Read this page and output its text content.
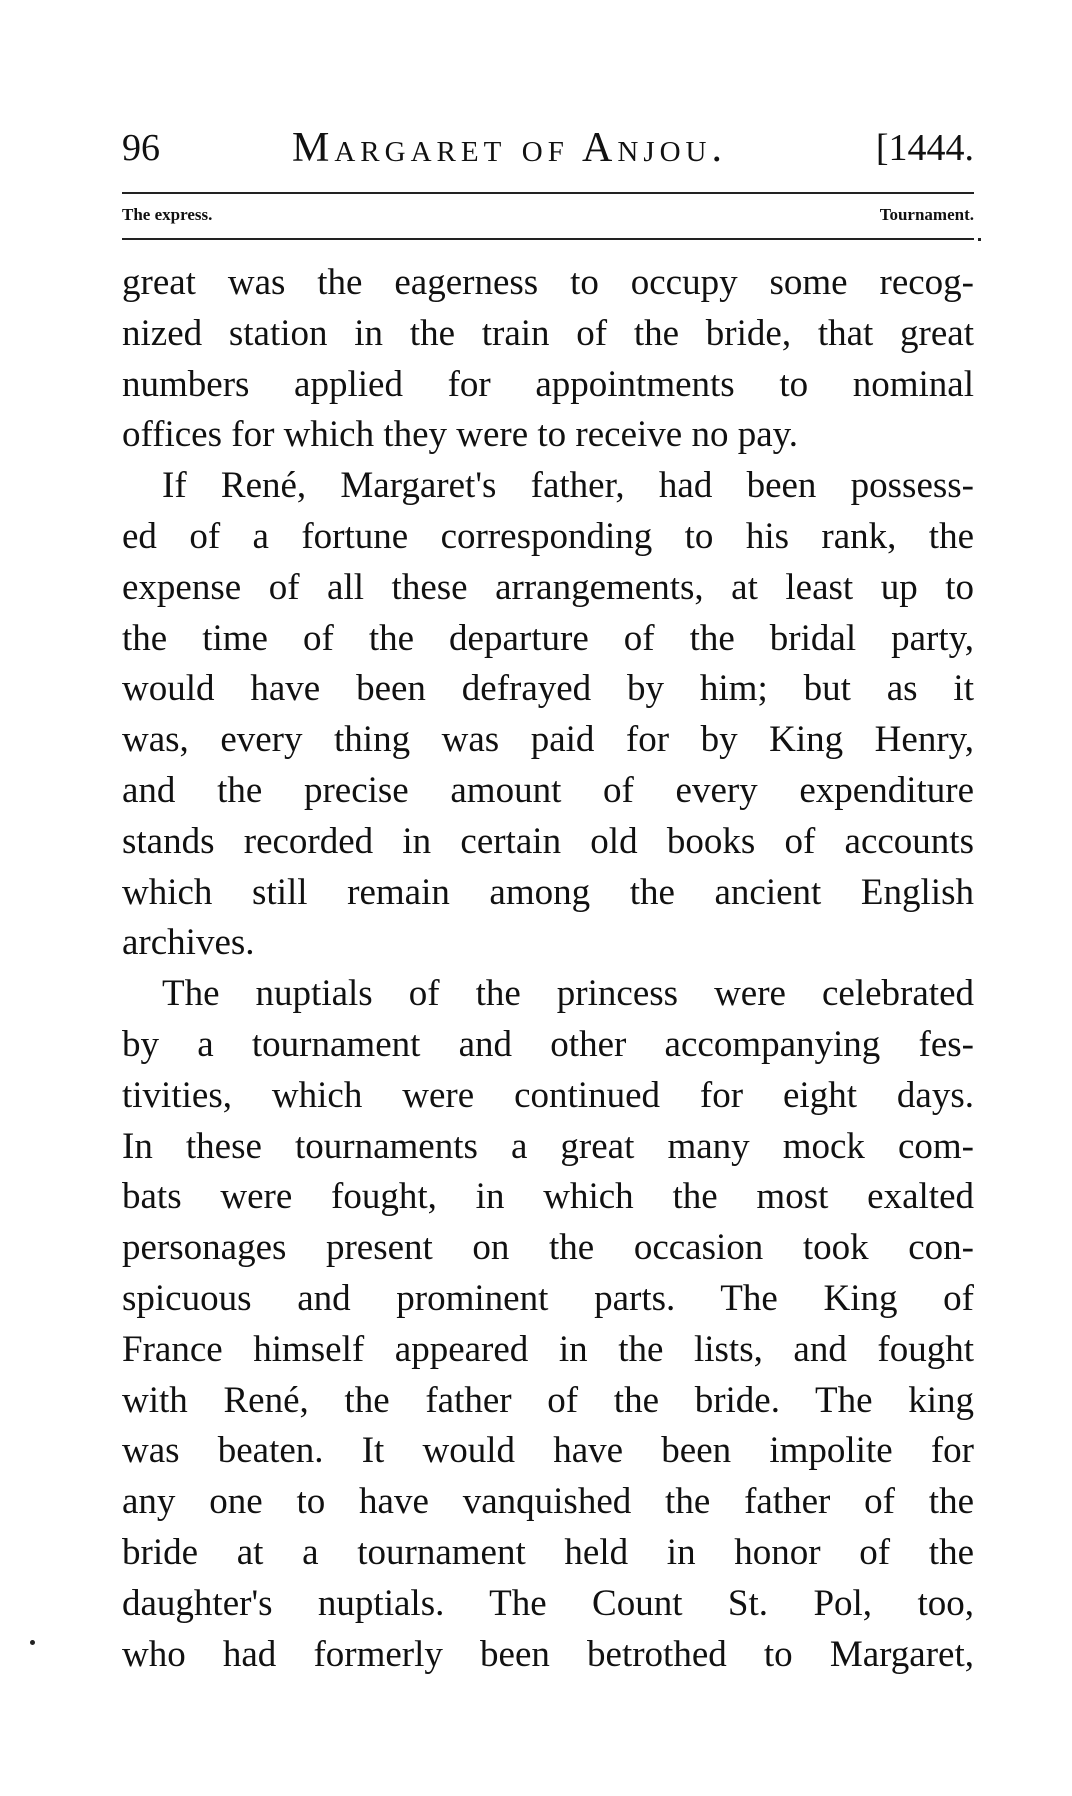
96	Margaret of Anjou.	[1444.
The express.	Tournament.
great was the eagerness to occupy some recog-
nized station in the train of the bride, that great
numbers applied for appointments to nominal
offices for which they were to receive no pay.
If René, Margaret's father, had been possess-
ed of a fortune corresponding to his rank, the
expense of all these arrangements, at least up to
the time of the departure of the bridal party,
would have been defrayed by him; but as it
was, every thing was paid for by King Henry,
and the precise amount of every expenditure
stands recorded in certain old books of accounts
which still remain among the ancient English
archives.
The nuptials of the princess were celebrated
by a tournament and other accompanying fes-
tivities, which were continued for eight days.
In these tournaments a great many mock com-
bats were fought, in which the most exalted
personages present on the occasion took con-
spicuous and prominent parts. The King of
France himself appeared in the lists, and fought
with René, the father of the bride. The king
was beaten. It would have been impolite for
any one to have vanquished the father of the
bride at a tournament held in honor of the
daughter's nuptials. The Count St. Pol, too,
who had formerly been betrothed to Margaret,
